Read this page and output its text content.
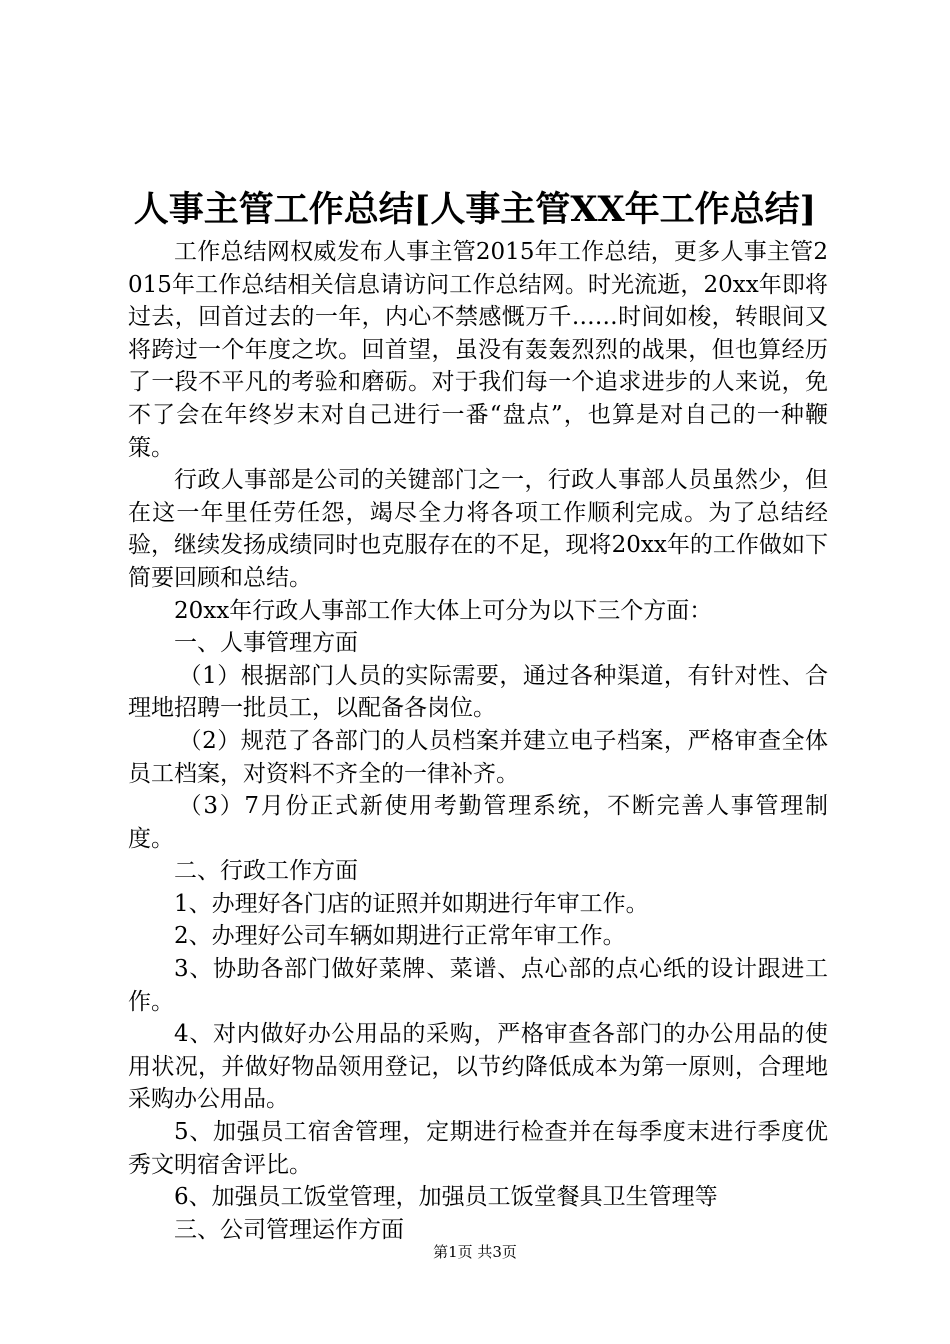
人事主管工作总结[人事主管XX年工作总结]

工作总结网权威发布人事主管2015年工作总结，更多人事主管2015年工作总结相关信息请访问工作总结网。时光流逝，20xx年即将过去，回首过去的一年，内心不禁感慨万千……时间如梭，转眼间又将跨过一个年度之坎。回首望，虽没有轰轰烈烈的战果，但也算经历了一段不平凡的考验和磨砺。对于我们每一个追求进步的人来说，免不了会在年终岁末对自己进行一番“盘点”，也算是对自己的一种鞭策。

行政人事部是公司的关键部门之一，行政人事部人员虽然少，但在这一年里任劳任怨，竭尽全力将各项工作顺利完成。为了总结经验，继续发扬成绩同时也克服存在的不足，现将20xx年的工作做如下简要回顾和总结。

20xx年行政人事部工作大体上可分为以下三个方面：

一、人事管理方面

（1）根据部门人员的实际需要，通过各种渠道，有针对性、合理地招聘一批员工，以配备各岗位。

（2）规范了各部门的人员档案并建立电子档案，严格审查全体员工档案，对资料不齐全的一律补齐。

（3）7月份正式新使用考勤管理系统，不断完善人事管理制度。

二、行政工作方面

1、办理好各门店的证照并如期进行年审工作。

2、办理好公司车辆如期进行正常年审工作。

3、协助各部门做好菜牌、菜谱、点心部的点心纸的设计跟进工作。

4、对内做好办公用品的采购，严格审查各部门的办公用品的使用状况，并做好物品领用登记，以节约降低成本为第一原则，合理地采购办公用品。

5、加强员工宿舍管理，定期进行检查并在每季度末进行季度优秀文明宿舍评比。

6、加强员工饭堂管理，加强员工饭堂餐具卫生管理等

三、公司管理运作方面

第1页 共3页
